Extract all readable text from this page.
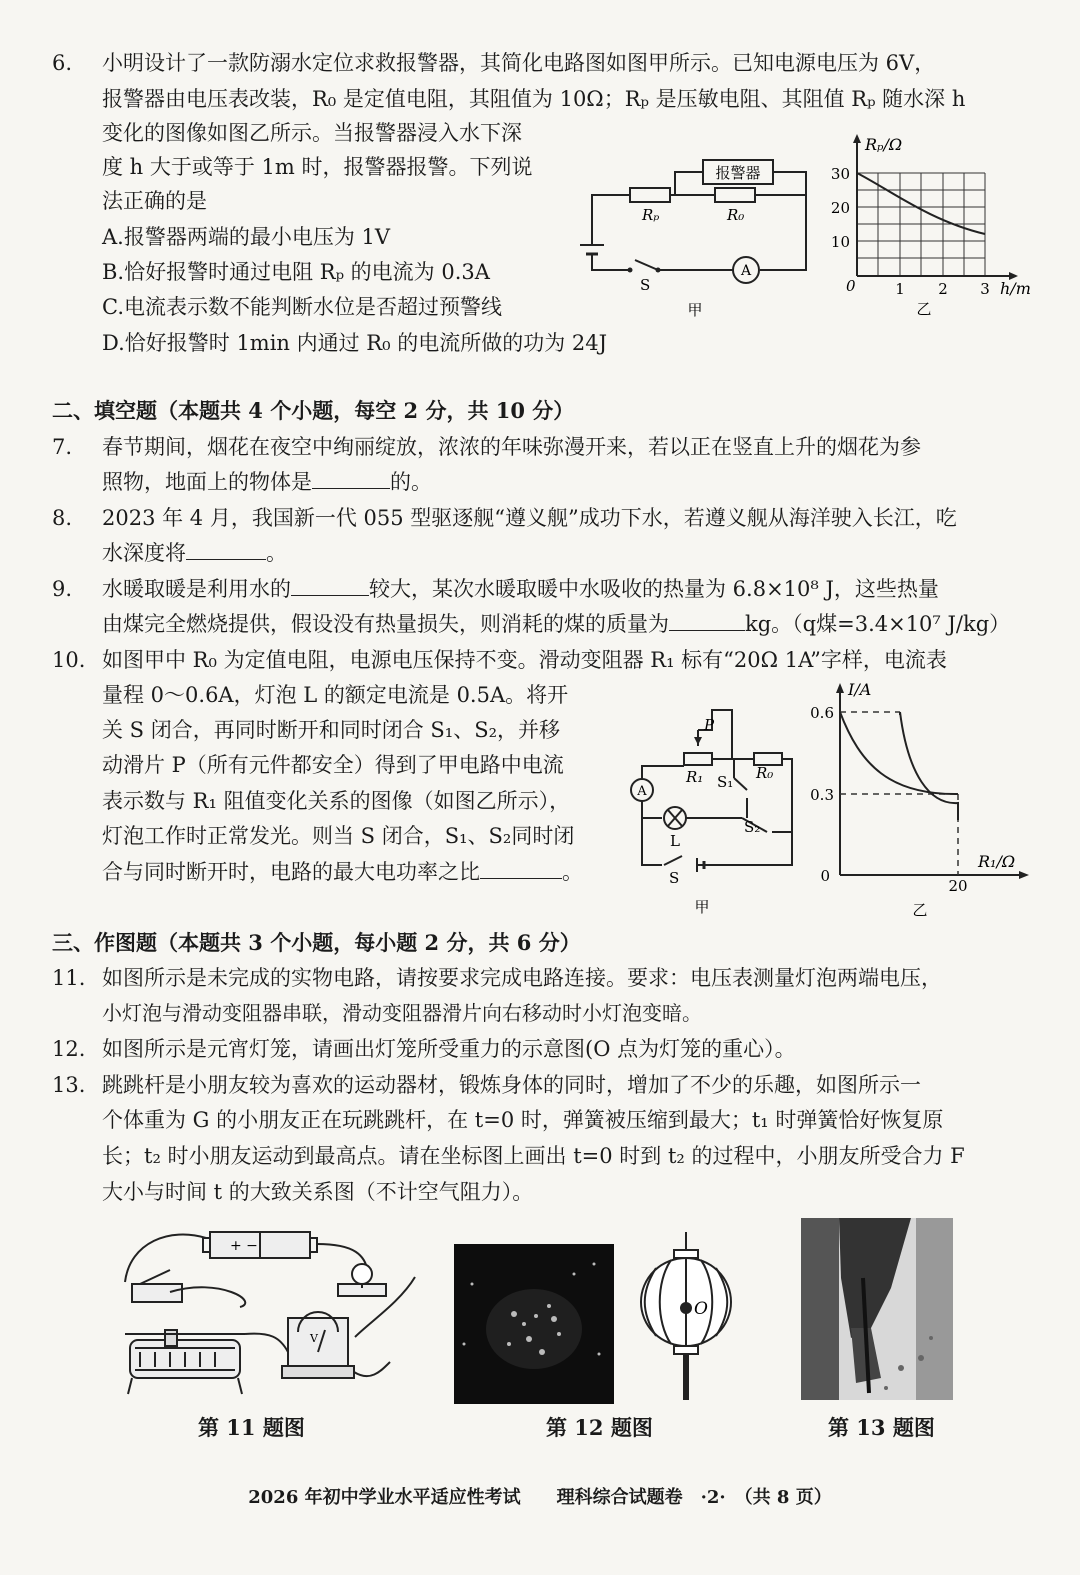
6. 小明设计了一款防溺水定位求救报警器，其简化电路图如图甲所示。已知电源电压为 6V，
报警器由电压表改装，R₀ 是定值电阻，其阻值为 10Ω；Rₚ 是压敏电阻、其阻值 Rₚ 随水深 h
变化的图像如图乙所示。当报警器浸入水下深
度 h 大于或等于 1m 时，报警器报警。下列说
法正确的是
A.报警器两端的最小电压为 1V
B.恰好报警时通过电阻 Rₚ 的电流为 0.3A
C.电流表示数不能判断水位是否超过预警线
D.恰好报警时 1min 内通过 R₀ 的电流所做的功为 24J
报警器
Rₚ	R₀
S
A
甲
Rₚ/Ω
30
20
10
0	1 2 3 h/m
乙
二、填空题（本题共 4 个小题，每空 2 分，共 10 分）
7. 春节期间，烟花在夜空中绚丽绽放，浓浓的年味弥漫开来，若以正在竖直上升的烟花为参
照物，地面上的物体是	的。
8. 2023 年 4 月，我国新一代 055 型驱逐舰“遵义舰”成功下水，若遵义舰从海洋驶入长江，吃
水深度将	。
9. 水暖取暖是利用水的	较大，某次水暖取暖中水吸收的热量为 6.8×10⁸ J，这些热量
由煤完全燃烧提供，假设没有热量损失，则消耗的煤的质量为	kg。（q煤=3.4×10⁷ J/kg）
10. 如图甲中 R₀ 为定值电阻，电源电压保持不变。滑动变阻器 R₁ 标有“20Ω 1A”字样，电流表
量程 0～0.6A，灯泡 L 的额定电流是 0.5A。将开
关 S 闭合，再同时断开和同时闭合 S₁、S₂，并移
动滑片 P（所有元件都安全）得到了甲电路中电流
表示数与 R₁ 阻值变化关系的图像（如图乙所示），
灯泡工作时正常发光。则当 S 闭合，S₁、S₂同时闭
合与同时断开时，电路的最大电功率之比	。
P
R₁ S₁ R₀
A
L
S₂
S
甲
I/A
0.6
0.3
0
20
R₁/Ω
乙
三、作图题（本题共 3 个小题，每小题 2 分，共 6 分）
11. 如图所示是未完成的实物电路，请按要求完成电路连接。要求：电压表测量灯泡两端电压，
小灯泡与滑动变阻器串联，滑动变阻器滑片向右移动时小灯泡变暗。
12. 如图所示是元宵灯笼，请画出灯笼所受重力的示意图(O 点为灯笼的重心）。
13. 跳跳杆是小朋友较为喜欢的运动器材，锻炼身体的同时，增加了不少的乐趣，如图所示一
个体重为 G 的小朋友正在玩跳跳杆，在 t=0 时，弹簧被压缩到最大；t₁ 时弹簧恰好恢复原
长；t₂ 时小朋友运动到最高点。请在坐标图上画出 t=0 时到 t₂ 的过程中，小朋友所受合力 F
大小与时间 t 的大致关系图（不计空气阻力）。
+ −
V
第 11 题图
O
第 12 题图	第 13 题图
2026 年初中学业水平适应性考试　　理科综合试题卷　·2·　（共 8 页）
